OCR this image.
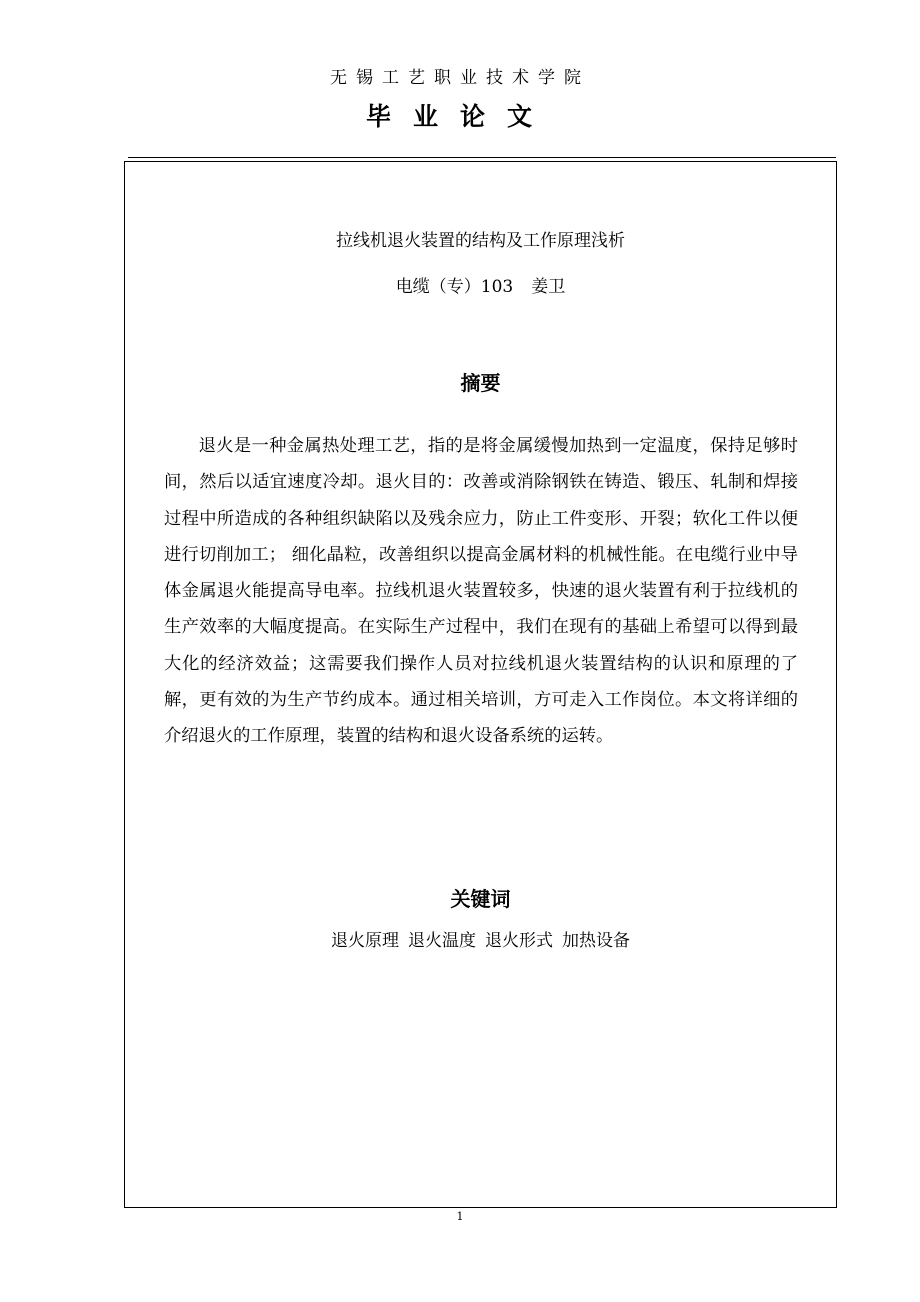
无锡工艺职业技术学院
毕业论文
拉线机退火装置的结构及工作原理浅析
电缆（专）103 姜卫
摘要

退火是一种金属热处理工艺，指的是将金属缓慢加热到一定温度，保持足够时间，然后以适宜速度冷却。退火目的：改善或消除钢铁在铸造、锻压、轧制和焊接过程中所造成的各种组织缺陷以及残余应力，防止工件变形、开裂；软化工件以便进行切削加工； 细化晶粒，改善组织以提高金属材料的机械性能。在电缆行业中导体金属退火能提高导电率。拉线机退火装置较多，快速的退火装置有利于拉线机的生产效率的大幅度提高。在实际生产过程中，我们在现有的基础上希望可以得到最大化的经济效益；这需要我们操作人员对拉线机退火装置结构的认识和原理的了解，更有效的为生产节约成本。通过相关培训，方可走入工作岗位。本文将详细的介绍退火的工作原理，装置的结构和退火设备系统的运转。

关键词
退火原理 退火温度 退火形式 加热设备
1
